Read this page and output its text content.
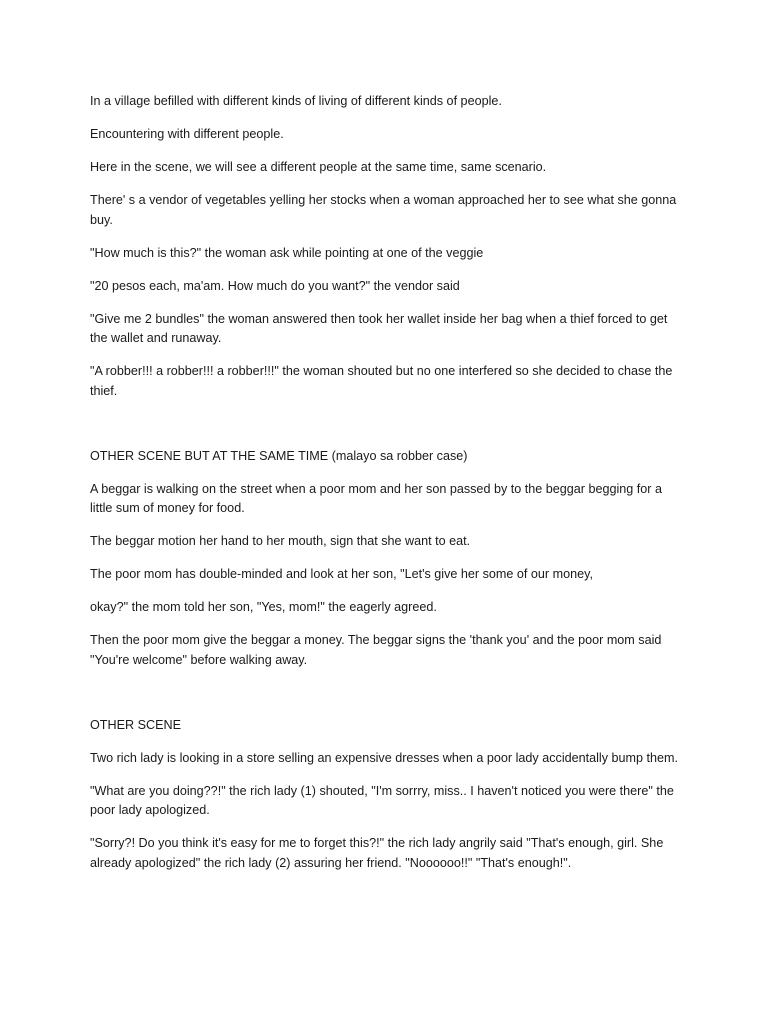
In a village befilled with different kinds of living of different kinds of people.

Encountering with different people.

Here in the scene, we will see a different people at the same time, same scenario.

There' s a vendor of vegetables yelling her stocks when a woman approached her to see what she gonna buy.

"How much is this?" the woman ask while pointing at one of the veggie

"20 pesos each, ma'am. How much do you want?" the vendor said

"Give me 2 bundles" the woman answered then took her wallet inside her bag when a thief forced to get the wallet and runaway.

"A robber!!! a robber!!! a robber!!!" the woman shouted but no one interfered so she decided to chase the thief.

OTHER SCENE BUT AT THE SAME TIME (malayo sa robber case)

A beggar is walking on the street when a poor mom and her son passed by to the beggar begging for a little sum of money for food.

The beggar motion her hand to her mouth, sign that she want to eat.

The poor mom has double-minded and look at her son, "Let's give her some of our money,

okay?" the mom told her son, "Yes, mom!" the eagerly agreed.

Then the poor mom give the beggar a money. The beggar signs the 'thank you' and the poor mom said "You're welcome" before walking away.

OTHER SCENE

Two rich lady is looking in a store selling an expensive dresses when a poor lady accidentally bump them.

"What are you doing??!" the rich lady (1) shouted, "I'm sorrry, miss.. I haven't noticed you were there" the poor lady apologized.

"Sorry?! Do you think it's easy for me to forget this?!" the rich lady angrily said "That's enough, girl. She already apologized" the rich lady (2) assuring her friend. "Noooooo!!" "That's enough!".
